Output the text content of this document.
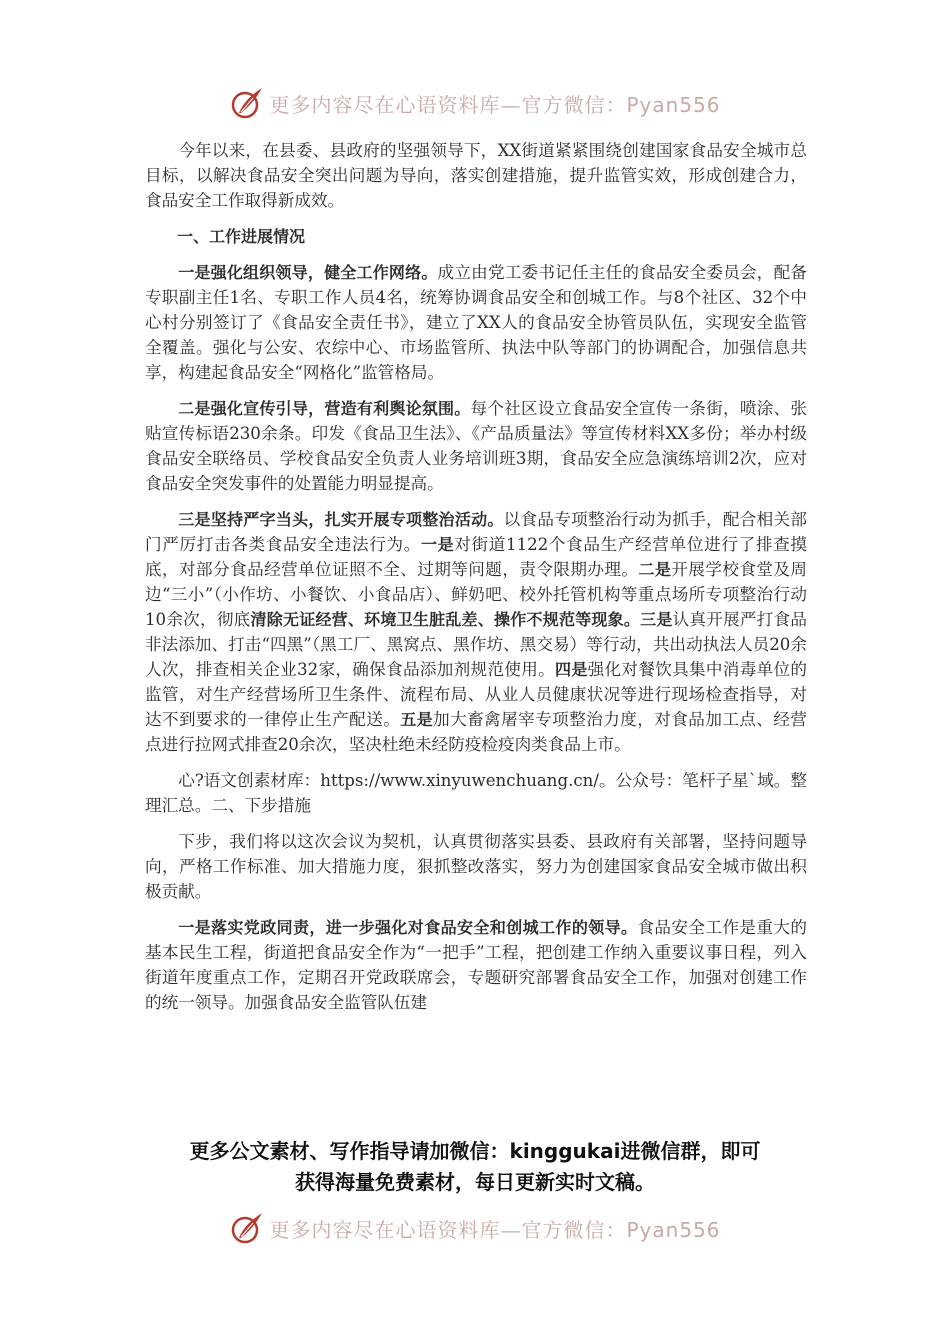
更多内容尽在心语资料库—官方微信：Pyan556

今年以来，在县委、县政府的坚强领导下，XX街道紧紧围绕创建国家食品安全城市总目标，以解决食品安全突出问题为导向，落实创建措施，提升监管实效，形成创建合力，食品安全工作取得新成效。

一、工作进展情况

一是强化组织领导，健全工作网络。成立由党工委书记任主任的食品安全委员会，配备专职副主任1名、专职工作人员4名，统筹协调食品安全和创城工作。与8个社区、32个中心村分别签订了《食品安全责任书》，建立了XX人的食品安全协管员队伍，实现安全监管全覆盖。强化与公安、农综中心、市场监管所、执法中队等部门的协调配合，加强信息共享，构建起食品安全“网格化”监管格局。

二是强化宣传引导，营造有利舆论氛围。每个社区设立食品安全宣传一条街，喷涂、张贴宣传标语230余条。印发《食品卫生法》、《产品质量法》等宣传材料XX多份；举办村级食品安全联络员、学校食品安全负责人业务培训班3期，食品安全应急演练培训2次，应对食品安全突发事件的处置能力明显提高。

三是坚持严字当头，扎实开展专项整治活动。以食品专项整治行动为抓手，配合相关部门严厉打击各类食品安全违法行为。一是对街道1122个食品生产经营单位进行了排查摸底，对部分食品经营单位证照不全、过期等问题，责令限期办理。二是开展学校食堂及周边“三小”（小作坊、小餐饮、小食品店）、鲜奶吧、校外托管机构等重点场所专项整治行动10余次，彻底清除无证经营、环境卫生脏乱差、操作不规范等现象。三是认真开展严打食品非法添加、打击“四黑”（黑工厂、黑窝点、黑作坊、黑交易）等行动，共出动执法人员20余人次，排查相关企业32家，确保食品添加剂规范使用。四是强化对餐饮具集中消毒单位的监管，对生产经营场所卫生条件、流程布局、从业人员健康状况等进行现场检查指导，对达不到要求的一律停止生产配送。五是加大畜禽屠宰专项整治力度，对食品加工点、经营点进行拉网式排查20余次，坚决杜绝未经防疫检疫肉类食品上市。

心?语文创素材库：https://www.xinyuwenchuang.cn/。公众号：笔杆子星`域。整理汇总。二、下步措施

下步，我们将以这次会议为契机，认真贯彻落实县委、县政府有关部署，坚持问题导向，严格工作标准、加大措施力度，狠抓整改落实，努力为创建国家食品安全城市做出积极贡献。

一是落实党政同责，进一步强化对食品安全和创城工作的领导。食品安全工作是重大的基本民生工程，街道把食品安全作为“一把手”工程，把创建工作纳入重要议事日程，列入街道年度重点工作，定期召开党政联席会，专题研究部署食品安全工作，加强对创建工作的统一领导。加强食品安全监管队伍建

更多公文素材、写作指导请加微信：kinggukai进微信群，即可
获得海量免费素材，每日更新实时文稿。
更多内容尽在心语资料库—官方微信：Pyan556
